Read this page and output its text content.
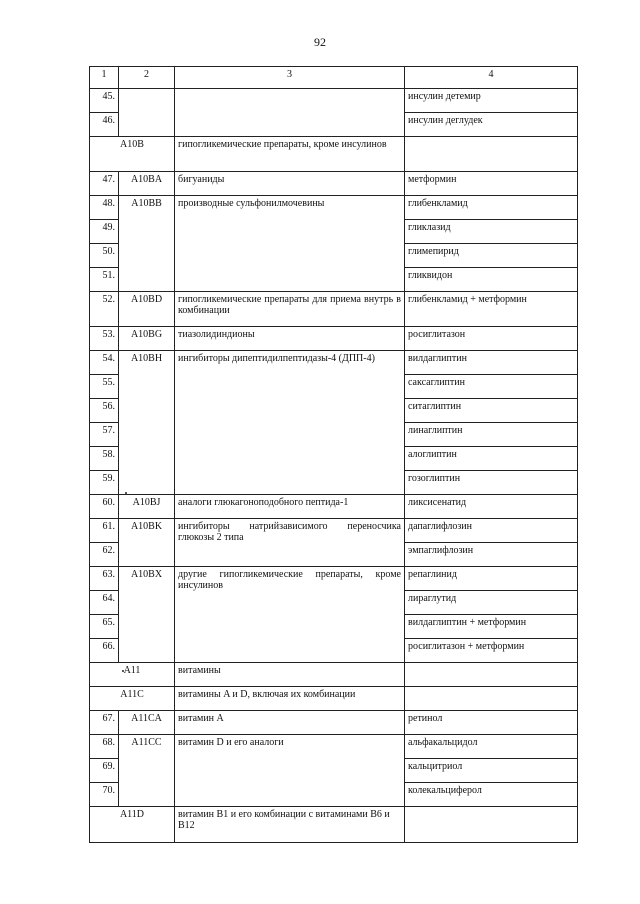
92
1	2	3	4
45.			инсулин детемир
46.			инсулин деглудек
A10B		гипогликемические препараты, кроме инсулинов	
47.	A10BA	бигуаниды	метформин
48.	A10BB	производные сульфонилмочевины	глибенкламид
49.			гликлазид
50.			глимепирид
51.			гликвидон
52.	A10BD	гипогликемические препараты для приема внутрь в комбинации	глибенкламид + метформин
53.	A10BG	тиазолидиндионы	росиглитазон
54.	A10BH	ингибиторы дипептидилпептидазы-4 (ДПП-4)	вилдаглиптин
55.			саксаглиптин
56.			ситаглиптин
57.			линаглиптин
58.			алоглиптин
59.			гозоглиптин
60.	A10BJ	аналоги глюкагоноподобного пептида-1	ликсисенатид
61.	A10BK	ингибиторы натрийзависимого переносчика глюкозы 2 типа	дапаглифлозин
62.			эмпаглифлозин
63.	A10BX	другие гипогликемические препараты, кроме инсулинов	репаглинид
64.			лираглутид
65.			вилдаглиптин + метформин
66.			росиглитазон + метформин
A11		витамины	
A11C		витамины A и D, включая их комбинации	
67.	A11CA	витамин A	ретинол
68.	A11CC	витамин D и его аналоги	альфакальцидол
69.			кальцитриол
70.			колекальциферол
A11D		витамин B1 и его комбинации с витаминами B6 и B12	
